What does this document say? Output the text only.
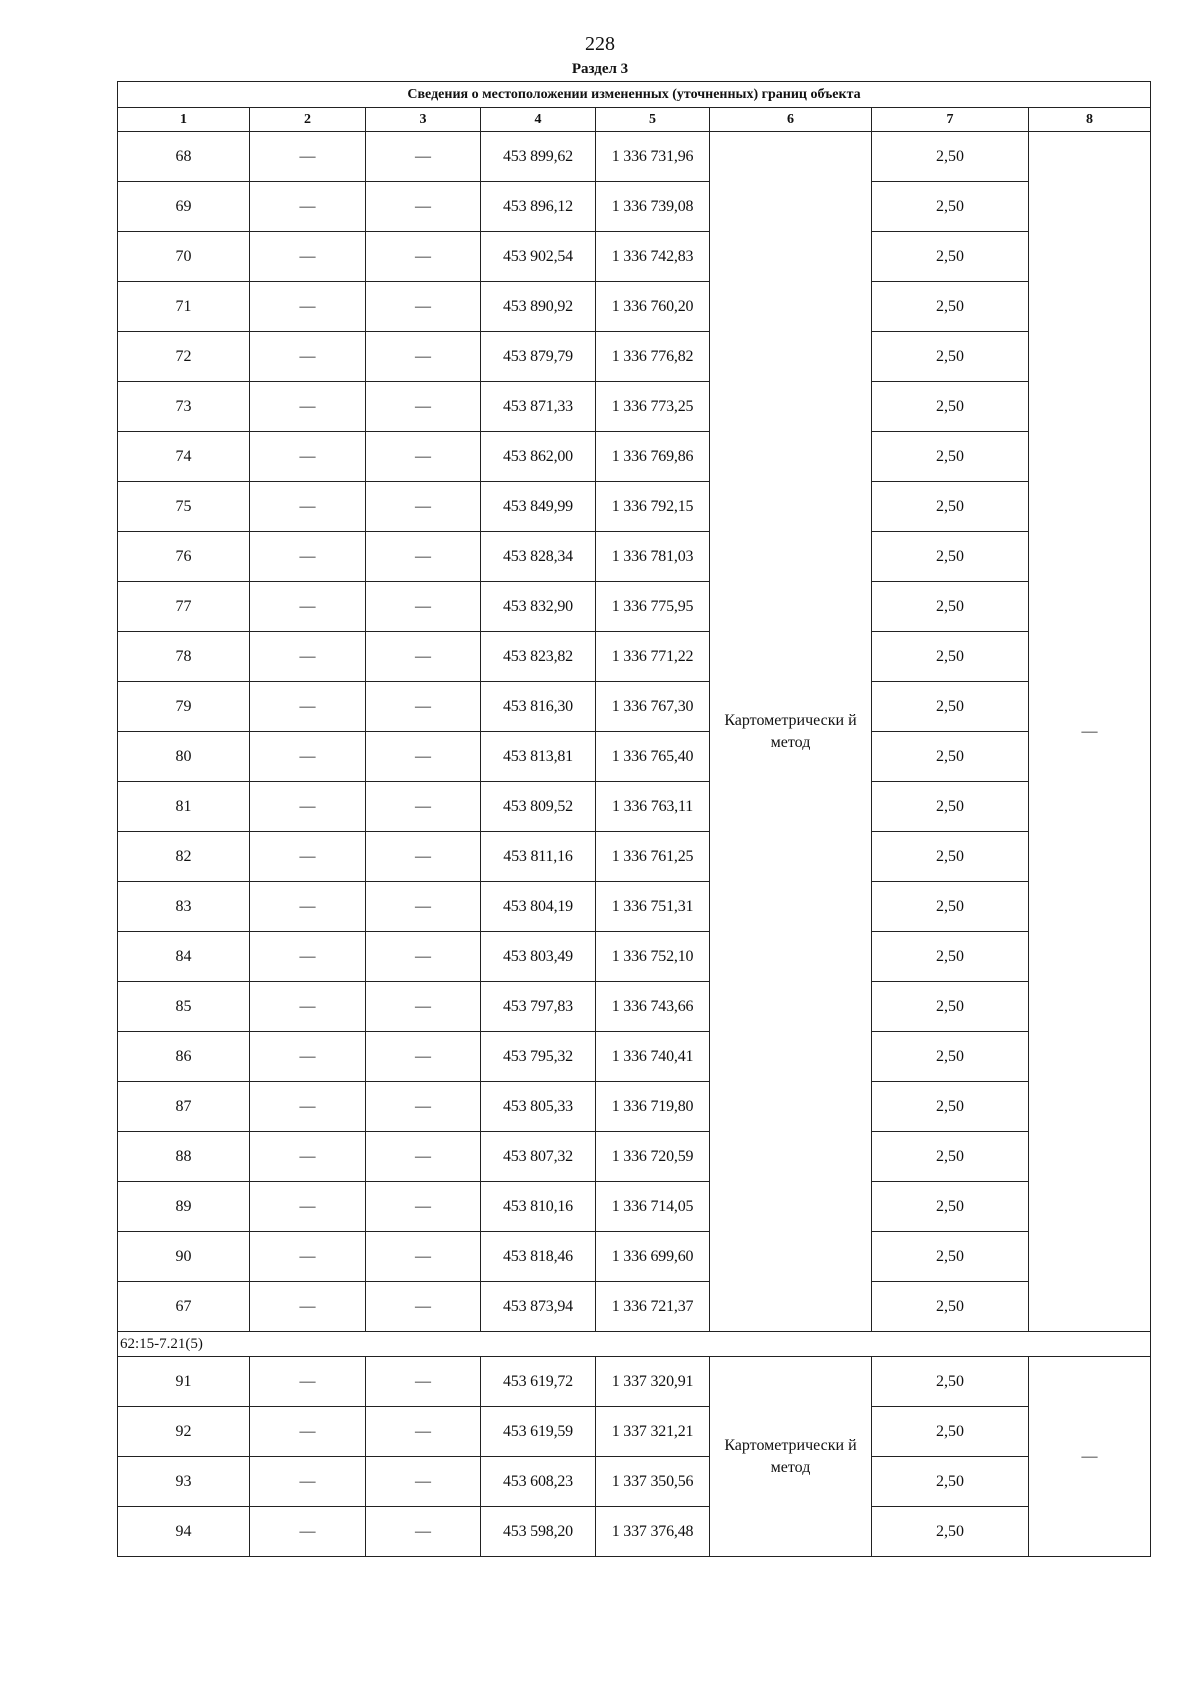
228
Раздел 3
Сведения о местоположении измененных (уточненных) границ объекта							
1	2	3	4	5	6	7	8
68	—	—	453 899,62	1 336 731,96	Картометрически й метод	2,50	—
69	—	—	453 896,12	1 336 739,08		2,50	
70	—	—	453 902,54	1 336 742,83		2,50	
71	—	—	453 890,92	1 336 760,20		2,50	
72	—	—	453 879,79	1 336 776,82		2,50	
73	—	—	453 871,33	1 336 773,25		2,50	
74	—	—	453 862,00	1 336 769,86		2,50	
75	—	—	453 849,99	1 336 792,15		2,50	
76	—	—	453 828,34	1 336 781,03		2,50	
77	—	—	453 832,90	1 336 775,95		2,50	
78	—	—	453 823,82	1 336 771,22		2,50	
79	—	—	453 816,30	1 336 767,30		2,50	
80	—	—	453 813,81	1 336 765,40		2,50	
81	—	—	453 809,52	1 336 763,11		2,50	
82	—	—	453 811,16	1 336 761,25		2,50	
83	—	—	453 804,19	1 336 751,31		2,50	
84	—	—	453 803,49	1 336 752,10		2,50	
85	—	—	453 797,83	1 336 743,66		2,50	
86	—	—	453 795,32	1 336 740,41		2,50	
87	—	—	453 805,33	1 336 719,80		2,50	
88	—	—	453 807,32	1 336 720,59		2,50	
89	—	—	453 810,16	1 336 714,05		2,50	
90	—	—	453 818,46	1 336 699,60		2,50	
67	—	—	453 873,94	1 336 721,37		2,50	
62:15-7.21(5)							
91	—	—	453 619,72	1 337 320,91	Картометрически й метод	2,50	—
92	—	—	453 619,59	1 337 321,21		2,50	
93	—	—	453 608,23	1 337 350,56		2,50	
94	—	—	453 598,20	1 337 376,48		2,50	
